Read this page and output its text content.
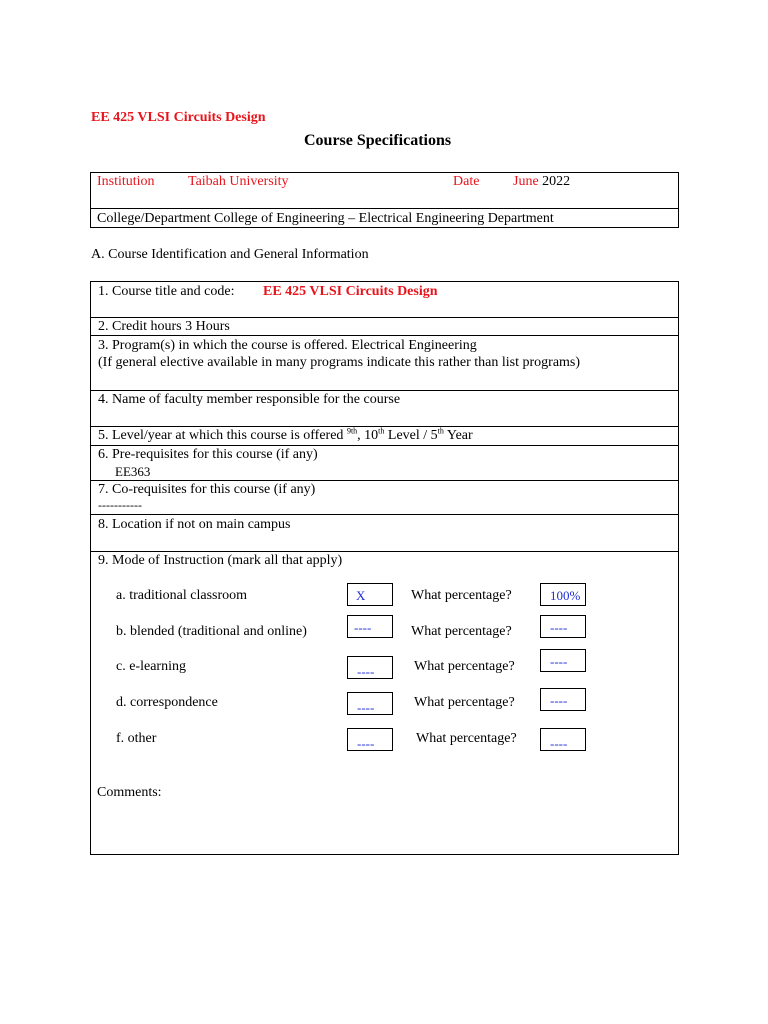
EE 425 VLSI Circuits Design
Course Specifications
Institution Taibah University	Date June 2022
College/Department College of Engineering – Electrical Engineering Department
A. Course Identification and General Information
1. Course title and code: EE 425 VLSI Circuits Design
2. Credit hours 3 Hours
3. Program(s) in which the course is offered. Electrical Engineering
(If general elective available in many programs indicate this rather than list programs)
4. Name of faculty member responsible for the course
5. Level/year at which this course is offered $^{9th}$, 10th Level / 5th Year
6. Pre-requisites for this course (if any)
EE363
7. Co-requisites for this course (if any)
-----------
8. Location if not on main campus
9. Mode of Instruction (mark all that apply)
a. traditional classroom	X	What percentage?	100%
b. blended (traditional and online)	----	What percentage?	----
c. e-learning	----	What percentage?	----
d. correspondence	----	What percentage?	----
f. other	----	What percentage?	----
Comments:
